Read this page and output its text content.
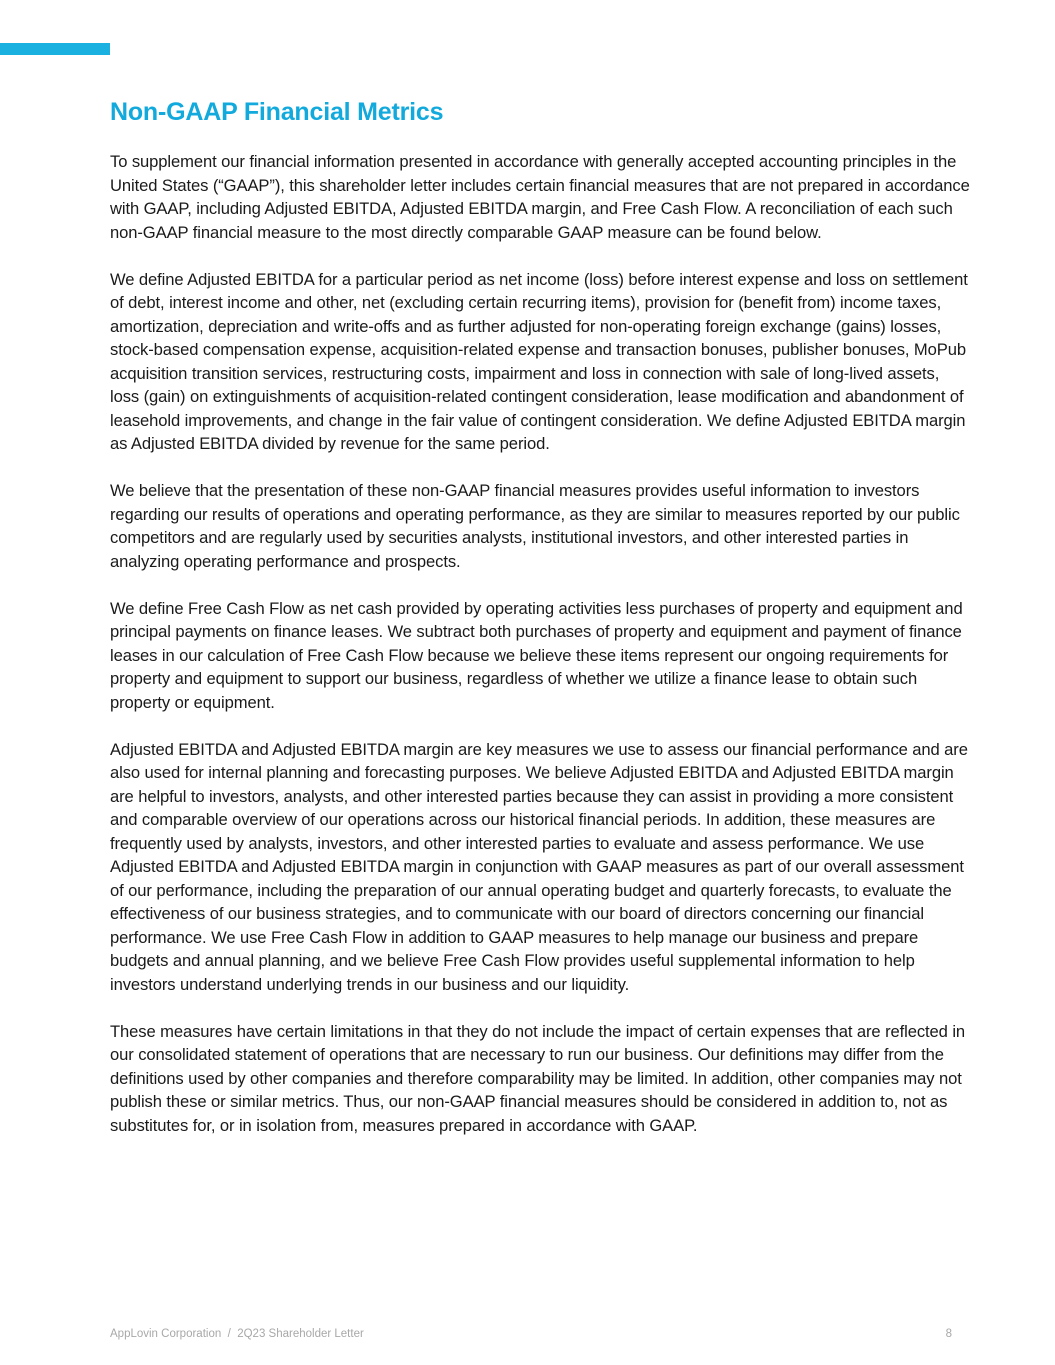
Non-GAAP Financial Metrics

To supplement our financial information presented in accordance with generally accepted accounting principles in the United States (“GAAP”), this shareholder letter includes certain financial measures that are not prepared in accordance with GAAP, including Adjusted EBITDA, Adjusted EBITDA margin, and Free Cash Flow. A reconciliation of each such non-GAAP financial measure to the most directly comparable GAAP measure can be found below.

We define Adjusted EBITDA for a particular period as net income (loss) before interest expense and loss on settlement of debt, interest income and other, net (excluding certain recurring items), provision for (benefit from) income taxes, amortization, depreciation and write-offs and as further adjusted for non-operating foreign exchange (gains) losses, stock-based compensation expense, acquisition-related expense and transaction bonuses, publisher bonuses, MoPub acquisition transition services, restructuring costs, impairment and loss in connection with sale of long-lived assets, loss (gain) on extinguishments of acquisition-related contingent consideration, lease modification and abandonment of leasehold improvements, and change in the fair value of contingent consideration. We define Adjusted EBITDA margin as Adjusted EBITDA divided by revenue for the same period.

We believe that the presentation of these non-GAAP financial measures provides useful information to investors regarding our results of operations and operating performance, as they are similar to measures reported by our public competitors and are regularly used by securities analysts, institutional investors, and other interested parties in analyzing operating performance and prospects.

We define Free Cash Flow as net cash provided by operating activities less purchases of property and equipment and principal payments on finance leases. We subtract both purchases of property and equipment and payment of finance leases in our calculation of Free Cash Flow because we believe these items represent our ongoing requirements for property and equipment to support our business, regardless of whether we utilize a finance lease to obtain such property or equipment.

Adjusted EBITDA and Adjusted EBITDA margin are key measures we use to assess our financial performance and are also used for internal planning and forecasting purposes. We believe Adjusted EBITDA and Adjusted EBITDA margin are helpful to investors, analysts, and other interested parties because they can assist in providing a more consistent and comparable overview of our operations across our historical financial periods. In addition, these measures are frequently used by analysts, investors, and other interested parties to evaluate and assess performance. We use Adjusted EBITDA and Adjusted EBITDA margin in conjunction with GAAP measures as part of our overall assessment of our performance, including the preparation of our annual operating budget and quarterly forecasts, to evaluate the effectiveness of our business strategies, and to communicate with our board of directors concerning our financial performance. We use Free Cash Flow in addition to GAAP measures to help manage our business and prepare budgets and annual planning, and we believe Free Cash Flow provides useful supplemental information to help investors understand underlying trends in our business and our liquidity.

These measures have certain limitations in that they do not include the impact of certain expenses that are reflected in our consolidated statement of operations that are necessary to run our business. Our definitions may differ from the definitions used by other companies and therefore comparability may be limited. In addition, other companies may not publish these or similar metrics. Thus, our non-GAAP financial measures should be considered in addition to, not as substitutes for, or in isolation from, measures prepared in accordance with GAAP.

AppLovin Corporation  /  2Q23 Shareholder Letter	8
